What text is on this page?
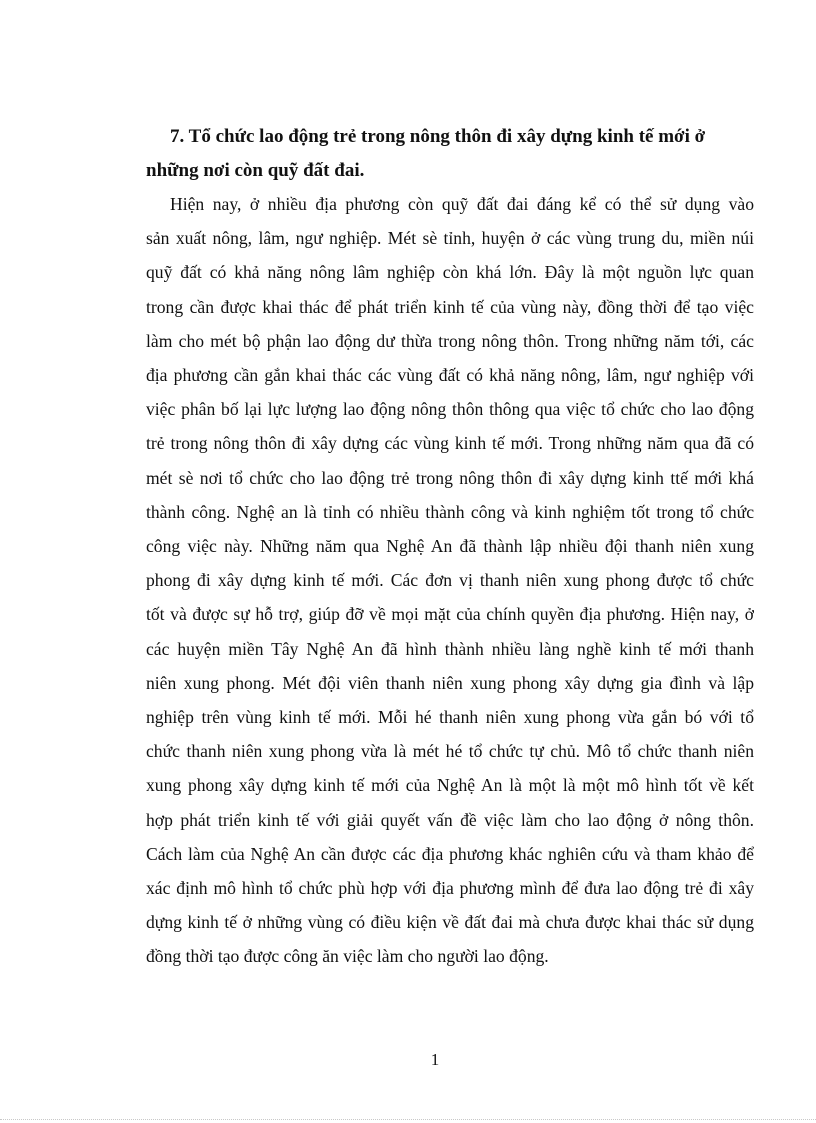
7. Tổ chức lao động trẻ trong nông thôn đi xây dựng kinh tế mới ở
những nơi còn quỹ đất đai.

Hiện nay, ở nhiều địa phương còn quỹ đất đai đáng kể có thể sử dụng vào
sản xuất nông, lâm, ngư nghiệp. Mét sè tỉnh, huyện ở các vùng trung du, miền núi
quỹ đất có khả năng nông lâm nghiệp còn khá lớn. Đây là một nguồn lực quan
trong cần được khai thác để phát triển kinh tế của vùng này, đồng thời để tạo việc
làm cho mét bộ phận lao động dư thừa trong nông thôn. Trong những năm tới, các
địa phương cần gắn khai thác các vùng đất có khả năng nông, lâm, ngư nghiệp với
việc phân bố lại lực lượng lao động nông thôn thông qua việc tổ chức cho lao động
trẻ trong nông thôn đi xây dựng các vùng kinh tế mới. Trong những năm qua đã có
mét sè nơi tổ chức cho lao động trẻ trong nông thôn đi xây dựng kinh ttế mới khá
thành công. Nghệ an là tỉnh có nhiều thành công và kinh nghiệm tốt trong tổ chức
công việc này. Những năm qua Nghệ An đã thành lập nhiều đội thanh niên xung
phong đi xây dựng kinh tế mới. Các đơn vị thanh niên xung phong được tổ chức
tốt và được sự hỗ trợ, giúp đỡ về mọi mặt của chính quyền địa phương. Hiện nay, ở
các huyện miền Tây Nghệ An đã hình thành nhiều làng nghề kinh tế mới thanh
niên xung phong. Mét đội viên thanh niên xung phong xây dựng gia đình và lập
nghiệp trên vùng kinh tế mới. Mỗi hé thanh niên xung phong vừa gắn bó với tổ
chức thanh niên xung phong vừa là mét hé tổ chức tự chủ. Mô tổ chức thanh niên
xung phong xây dựng kinh tế mới của Nghệ An là một là một mô hình tốt về kết
hợp phát triển kinh tế với giải quyết vấn đề việc làm cho lao động ở nông thôn.
Cách làm của Nghệ An cần được các địa phương khác nghiên cứu và tham khảo để
xác định mô hình tổ chức phù hợp với địa phương mình để đưa lao động trẻ đi xây
dựng kinh tế ở những vùng có điều kiện về đất đai mà chưa được khai thác sử dụng
đồng thời tạo được công ăn việc làm cho người lao động.

1
